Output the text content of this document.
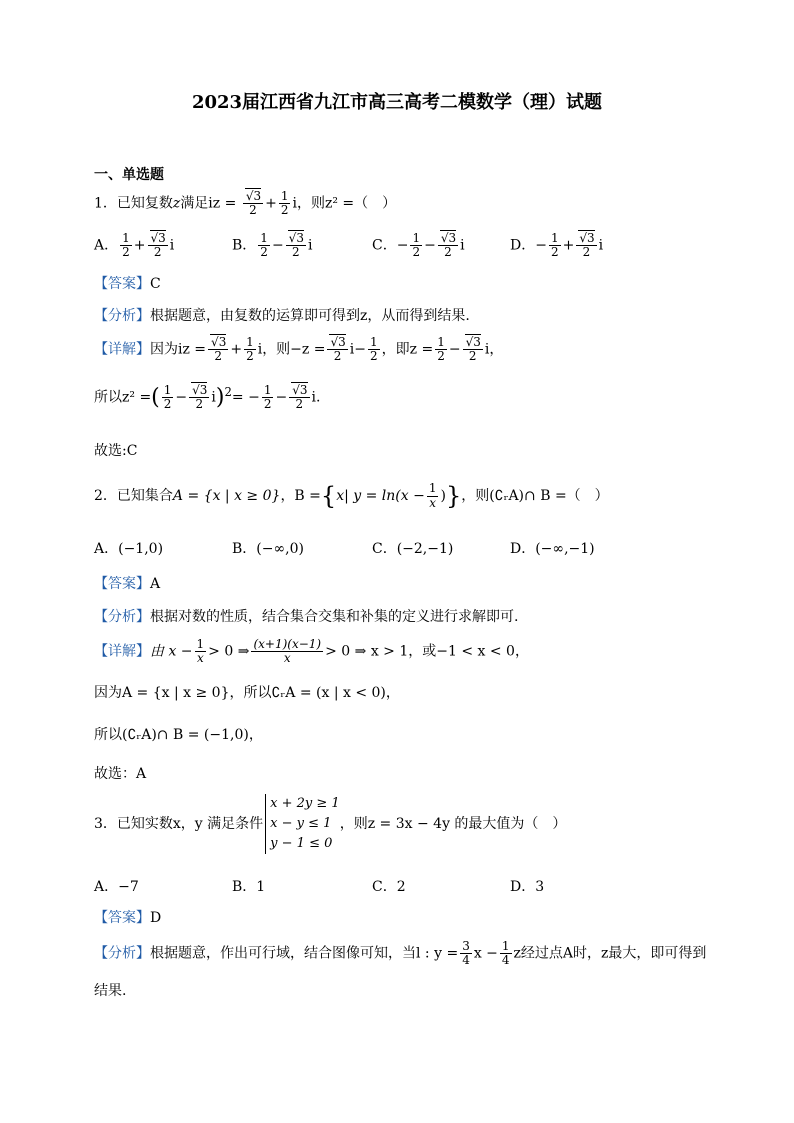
2023届江西省九江市高三高考二模数学（理）试题
一、单选题
1．已知复数z满足iz = $\frac{√3}{2} + \frac{1}{2}$ i，则z² =（　）
A． $\frac{1}{2} + \frac{√3}{2}$ i	B． $\frac{1}{2} - \frac{√3}{2}$ i	C．− $\frac{1}{2} - \frac{√3}{2}$ i	D．− $\frac{1}{2} + \frac{√3}{2}$ i
【答案】C
【分析】根据题意，由复数的运算即可得到z，从而得到结果.
【详解】因为iz = $\frac{√3}{2} + \frac{1}{2}$ i，则$-z = \frac{√3}{2} i- \frac{1}{2}$ ，即$z = \frac{1}{2} - \frac{√3}{2}$ i，
所以z² =( $\frac{1}{2} - \frac{√3}{2} i)^2= - \frac{1}{2} - \frac{√3}{2} i$.
故选:C
2．已知集合A = {x | x ≥ 0}，B ={x| $y = \ln(x - \frac{1}{x}$ )}，则(∁ᵣA)∩ B =（　）
A．(−1,0)	B．(−∞,0)	C．(−2,−1)	D．(−∞,−1)
【答案】A
【分析】根据对数的性质，结合集合交集和补集的定义进行求解即可.
【详解】由 $x - \frac{1}{x} > 0$ ⇒ $\frac{(x+1)(x-1)}{x} > 0$ ⇒ x > 1，或−1 < x < 0，
因为A = {x | x ≥ 0}，所以∁ᵣA = (x | x < 0)，
所以(∁ᵣA)∩ B = (−1,0)，
故选：A
3．已知实数x，y 满足条件
x + 2y ≥ 1
x − y ≤ 1
y − 1 ≤ 0
，则z = 3x − 4y 的最大值为（　）
A．−7	B．1	C．2	D．3
【答案】D
【分析】根据题意，作出可行域，结合图像可知，当l : $y = \frac{3}{4}$ $x - \frac{1}{4}$ z经过点A时，z最大，即可得到
结果.
